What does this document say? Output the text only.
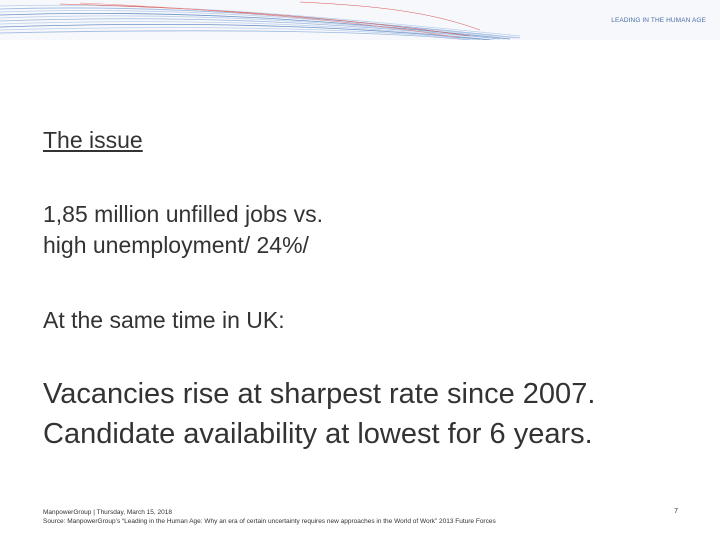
LEADING IN THE HUMAN AGE
The issue
1,85 million unfilled jobs vs.
high unemployment/ 24%/
At the same time in UK:
Vacancies rise at sharpest rate since 2007.
Candidate availability at lowest for 6 years.
ManpowerGroup | Thursday, March 15, 2018
Source: ManpowerGroup’s “Leading in the Human Age: Why an era of certain uncertainty requires new approaches in the World of Work” 2013 Future Forces
7
